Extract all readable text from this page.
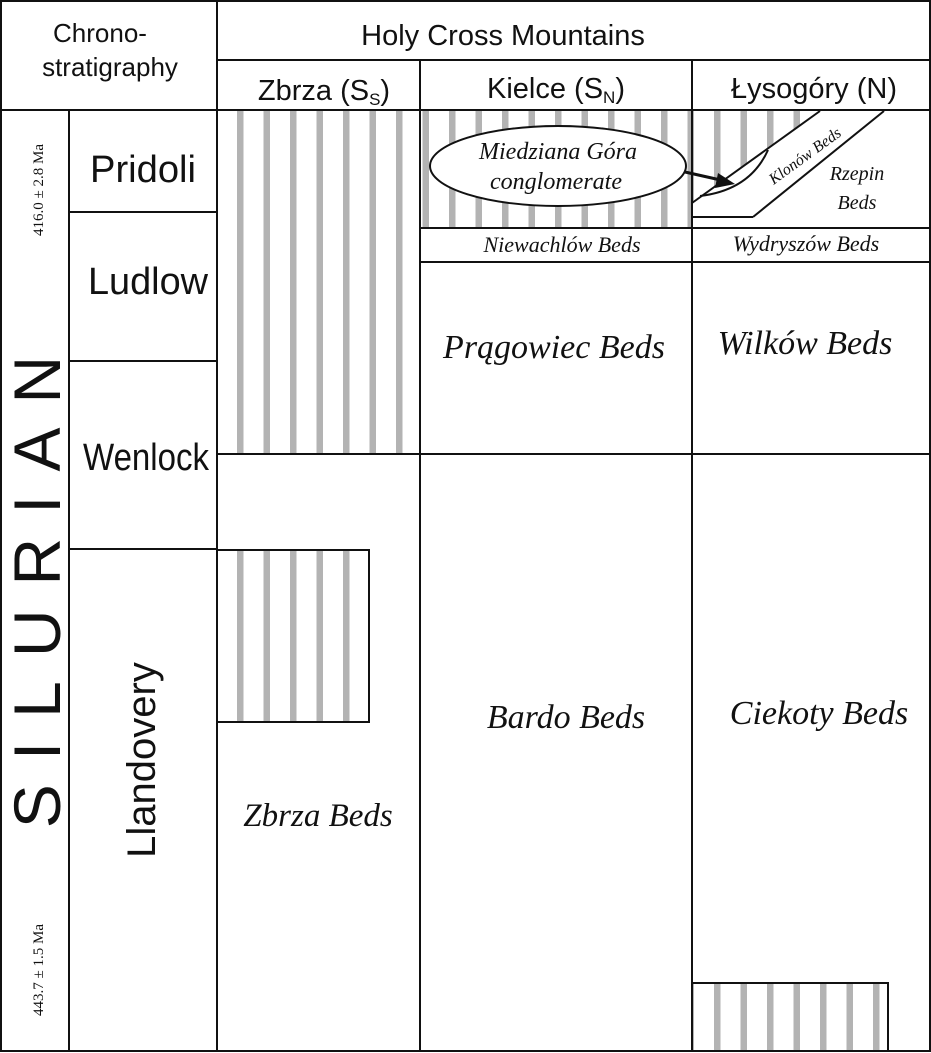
Chrono-
stratigraphy
Holy Cross Mountains
Zbrza (SS)	Kielce (SN)	Łysogóry (N)
SILURIAN
416.0 ± 2.8 Ma
443.7 ± 1.5 Ma
Pridoli
Ludlow
Wenlock
Llandovery Zbrza Beds
Miedziana Góra
conglomerate
Niewachlów Beds
Prągowiec Beds
Bardo Beds
Klonów Beds
Rzepin
Beds
Wydryszów Beds
Wilków Beds
Ciekoty Beds
